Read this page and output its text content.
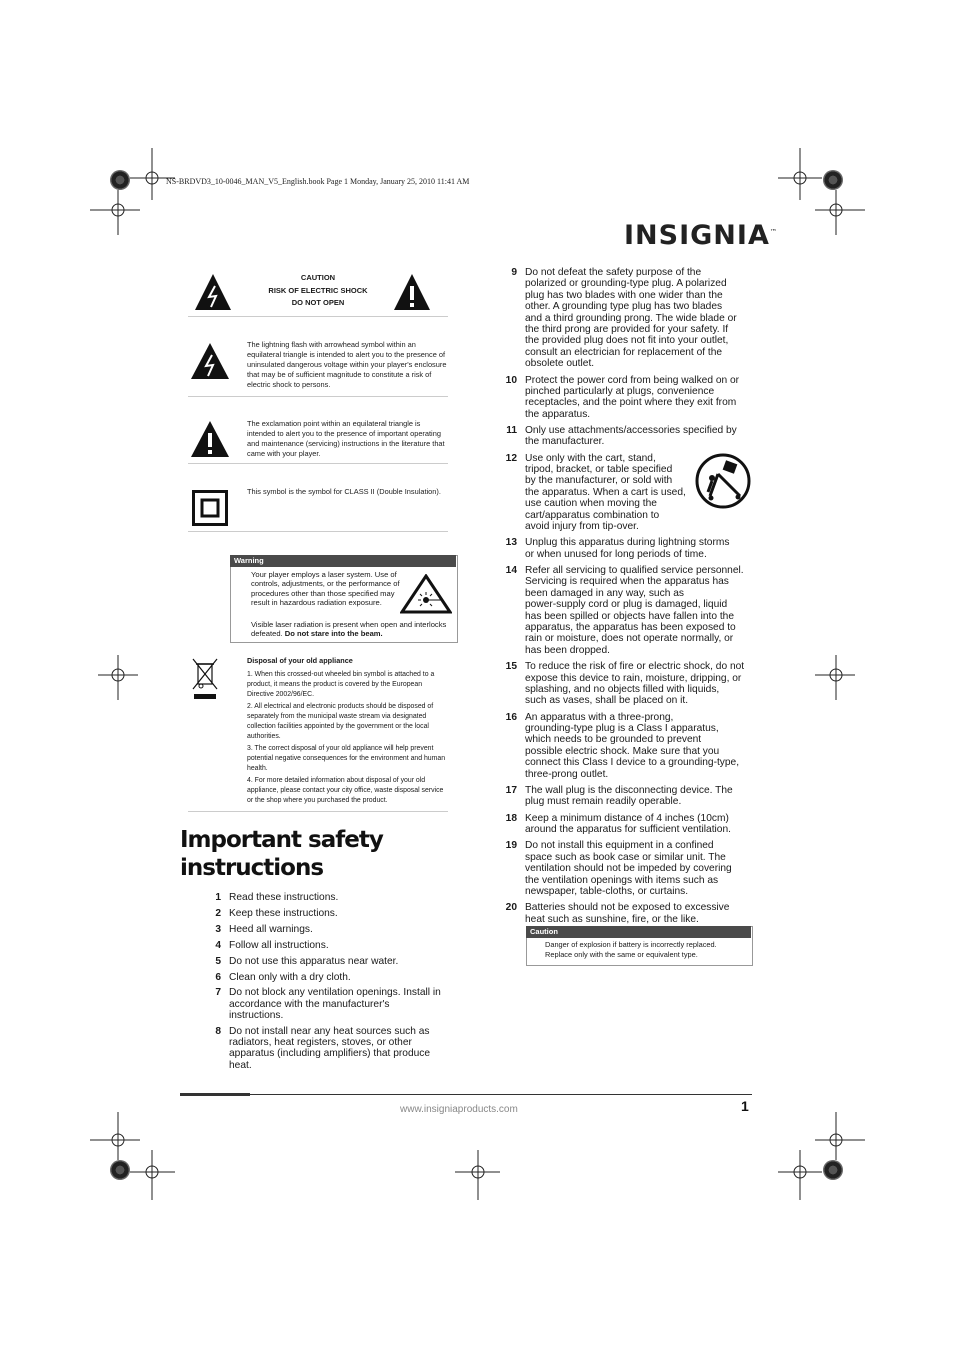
NS-BRDVD3_10-0046_MAN_V5_English.book Page 1 Monday, January 25, 2010 11:41 AM
INSIGNIA™
CAUTION
RISK OF ELECTRIC SHOCK
DO NOT OPEN
The lightning flash with arrowhead symbol within an equilateral triangle is intended to alert you to the presence of uninsulated dangerous voltage within your player's enclosure that may be of sufficient magnitude to constitute a risk of electric shock to persons.
The exclamation point within an equilateral triangle is intended to alert you to the presence of important operating and maintenance (servicing) instructions in the literature that came with your player.
This symbol is the symbol for CLASS II (Double Insulation).
Warning
Your player employs a laser system. Use of controls, adjustments, or the performance of procedures other than those specified may result in hazardous radiation exposure.
Visible laser radiation is present when open and interlocks defeated. Do not stare into the beam.
Disposal of your old appliance

1. When this crossed-out wheeled bin symbol is attached to a product, it means the product is covered by the European Directive 2002/96/EC.

2. All electrical and electronic products should be disposed of separately from the municipal waste stream via designated collection facilities appointed by the government or the local authorities.

3. The correct disposal of your old appliance will help prevent potential negative consequences for the environment and human health.

4. For more detailed information about disposal of your old appliance, please contact your city office, waste disposal service or the shop where you purchased the product.

Important safety instructions
1 Read these instructions.
2 Keep these instructions.
3 Heed all warnings.
4 Follow all instructions.
5 Do not use this apparatus near water.
6 Clean only with a dry cloth.
7 Do not block any ventilation openings. Install in
accordance with the manufacturer's
instructions.
8 Do not install near any heat sources such as
radiators, heat registers, stoves, or other
apparatus (including amplifiers) that produce
heat.
9 Do not defeat the safety purpose of the
polarized or grounding-type plug. A polarized
plug has two blades with one wider than the
other. A grounding type plug has two blades
and a third grounding prong. The wide blade or
the third prong are provided for your safety. If
the provided plug does not fit into your outlet,
consult an electrician for replacement of the
obsolete outlet.
10 Protect the power cord from being walked on or
pinched particularly at plugs, convenience
receptacles, and the point where they exit from
the apparatus.
11 Only use attachments/accessories specified by
the manufacturer.
12 Use only with the cart, stand,
tripod, bracket, or table specified
by the manufacturer, or sold with
the apparatus. When a cart is used,
use caution when moving the
cart/apparatus combination to
avoid injury from tip-over.
13 Unplug this apparatus during lightning storms
or when unused for long periods of time.
14 Refer all servicing to qualified service personnel.
Servicing is required when the apparatus has
been damaged in any way, such as
power-supply cord or plug is damaged, liquid
has been spilled or objects have fallen into the
apparatus, the apparatus has been exposed to
rain or moisture, does not operate normally, or
has been dropped.
15 To reduce the risk of fire or electric shock, do not
expose this device to rain, moisture, dripping, or
splashing, and no objects filled with liquids,
such as vases, shall be placed on it.
16 An apparatus with a three-prong,
grounding-type plug is a Class I apparatus,
which needs to be grounded to prevent
possible electric shock. Make sure that you
connect this Class I device to a grounding-type,
three-prong outlet.
17 The wall plug is the disconnecting device. The
plug must remain readily operable.
18 Keep a minimum distance of 4 inches (10cm)
around the apparatus for sufficient ventilation.
19 Do not install this equipment in a confined
space such as book case or similar unit. The
ventilation should not be impeded by covering
the ventilation openings with items such as
newspaper, table-cloths, or curtains.
20 Batteries should not be exposed to excessive
heat such as sunshine, fire, or the like.
Caution
Danger of explosion if battery is incorrectly replaced. Replace only with the same or equivalent type.
www.insigniaproducts.com	1
